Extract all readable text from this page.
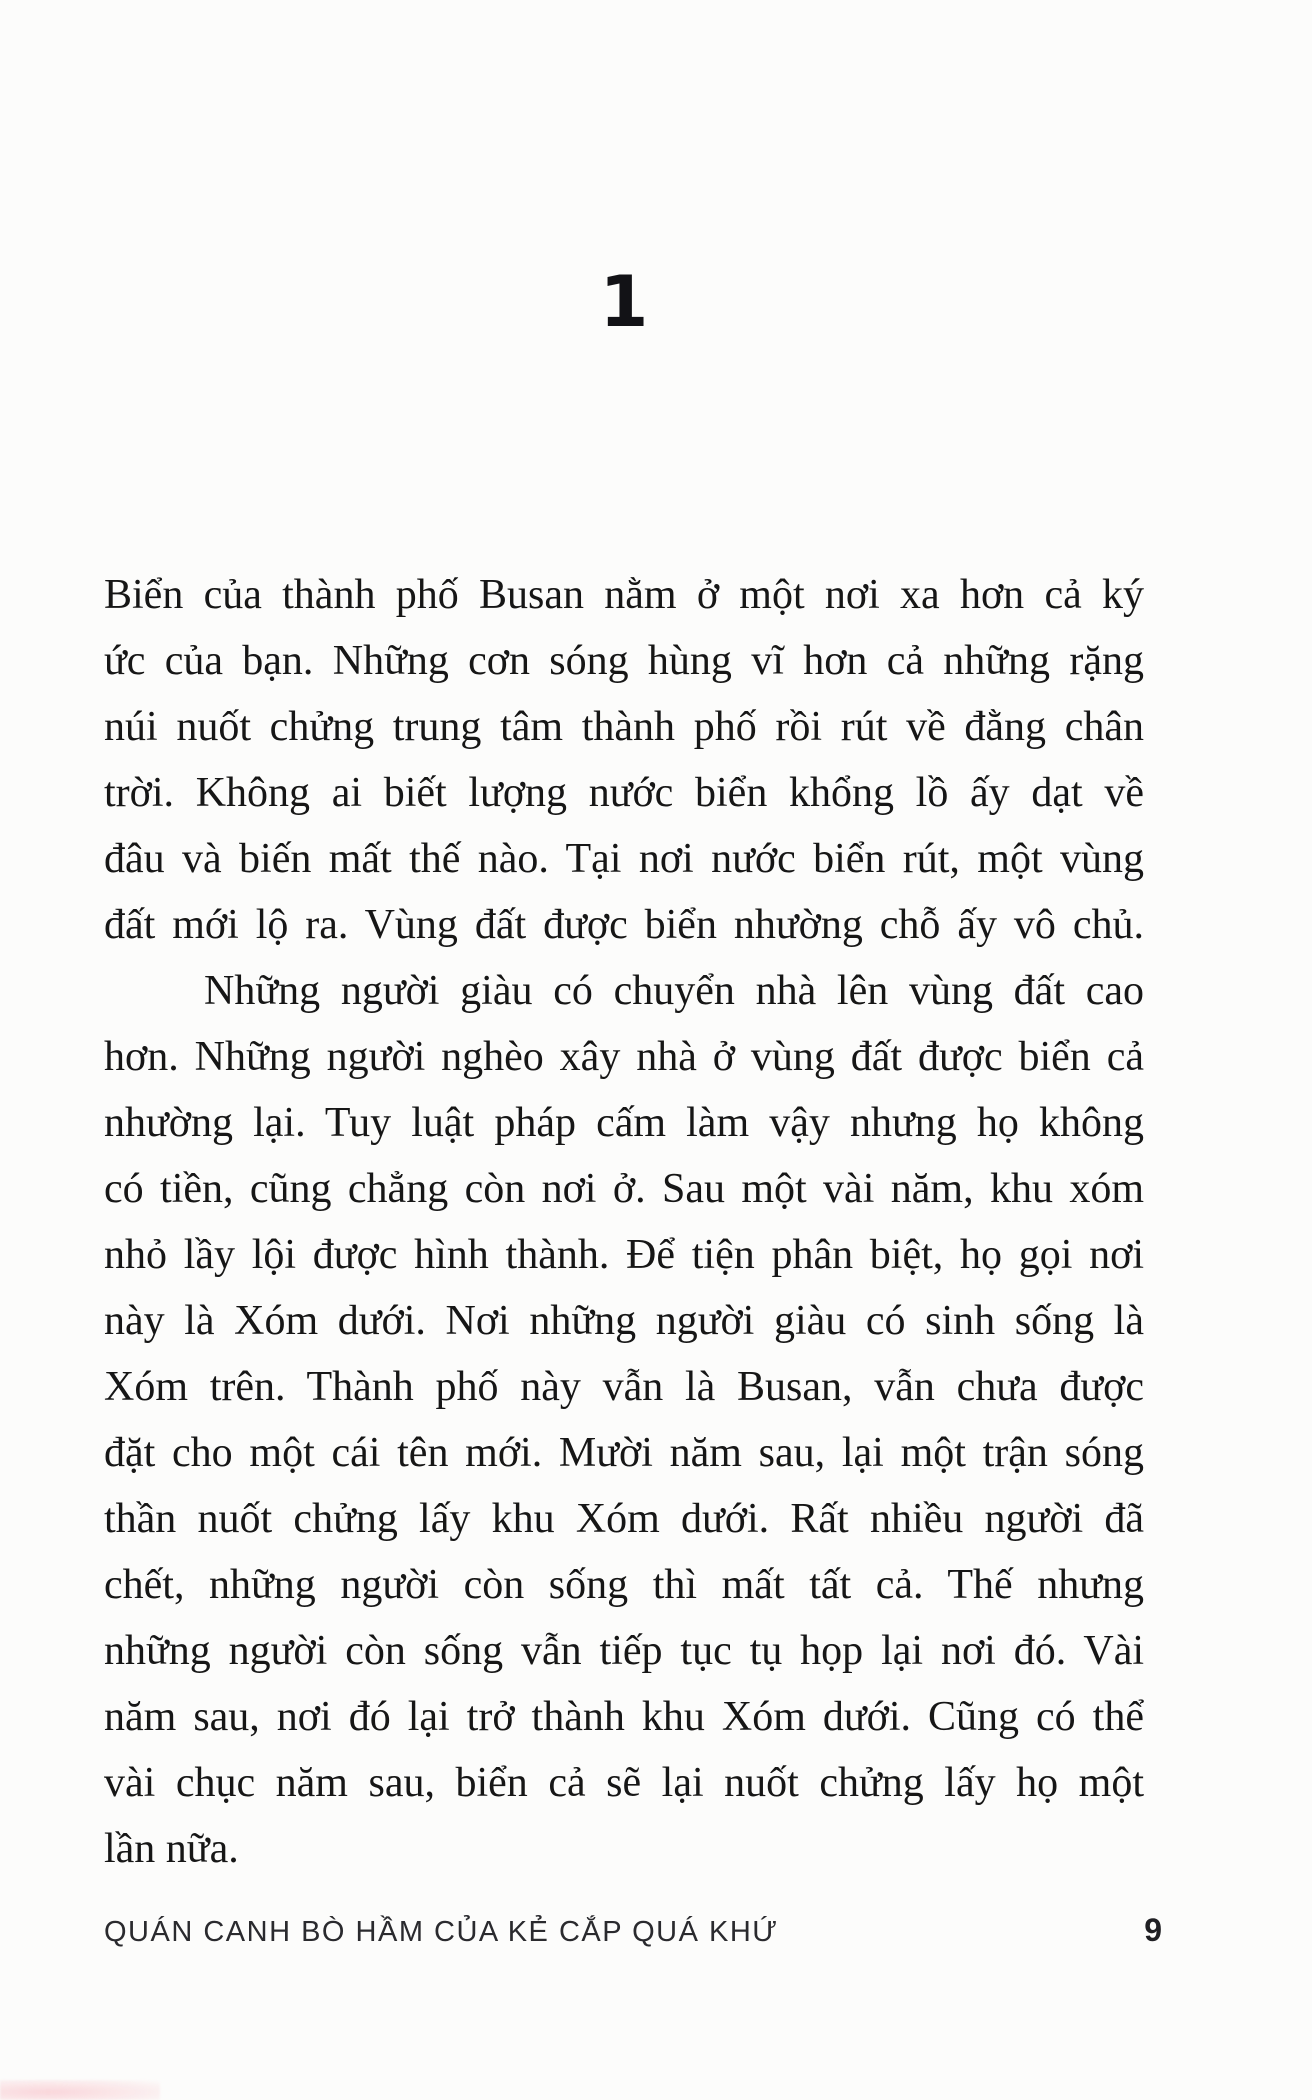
1
Biển của thành phố Busan nằm ở một nơi xa hơn cả ký
ức của bạn. Những cơn sóng hùng vĩ hơn cả những rặng
núi nuốt chửng trung tâm thành phố rồi rút về đằng chân
trời. Không ai biết lượng nước biển khổng lồ ấy dạt về
đâu và biến mất thế nào. Tại nơi nước biển rút, một vùng
đất mới lộ ra. Vùng đất được biển nhường chỗ ấy vô chủ.
Những người giàu có chuyển nhà lên vùng đất cao
hơn. Những người nghèo xây nhà ở vùng đất được biển cả
nhường lại. Tuy luật pháp cấm làm vậy nhưng họ không
có tiền, cũng chẳng còn nơi ở. Sau một vài năm, khu xóm
nhỏ lầy lội được hình thành. Để tiện phân biệt, họ gọi nơi
này là Xóm dưới. Nơi những người giàu có sinh sống là
Xóm trên. Thành phố này vẫn là Busan, vẫn chưa được
đặt cho một cái tên mới. Mười năm sau, lại một trận sóng
thần nuốt chửng lấy khu Xóm dưới. Rất nhiều người đã
chết, những người còn sống thì mất tất cả. Thế nhưng
những người còn sống vẫn tiếp tục tụ họp lại nơi đó. Vài
năm sau, nơi đó lại trở thành khu Xóm dưới. Cũng có thể
vài chục năm sau, biển cả sẽ lại nuốt chửng lấy họ một
lần nữa.
QUÁN CANH BÒ HẦM CỦA KẺ CẮP QUÁ KHỨ	9
